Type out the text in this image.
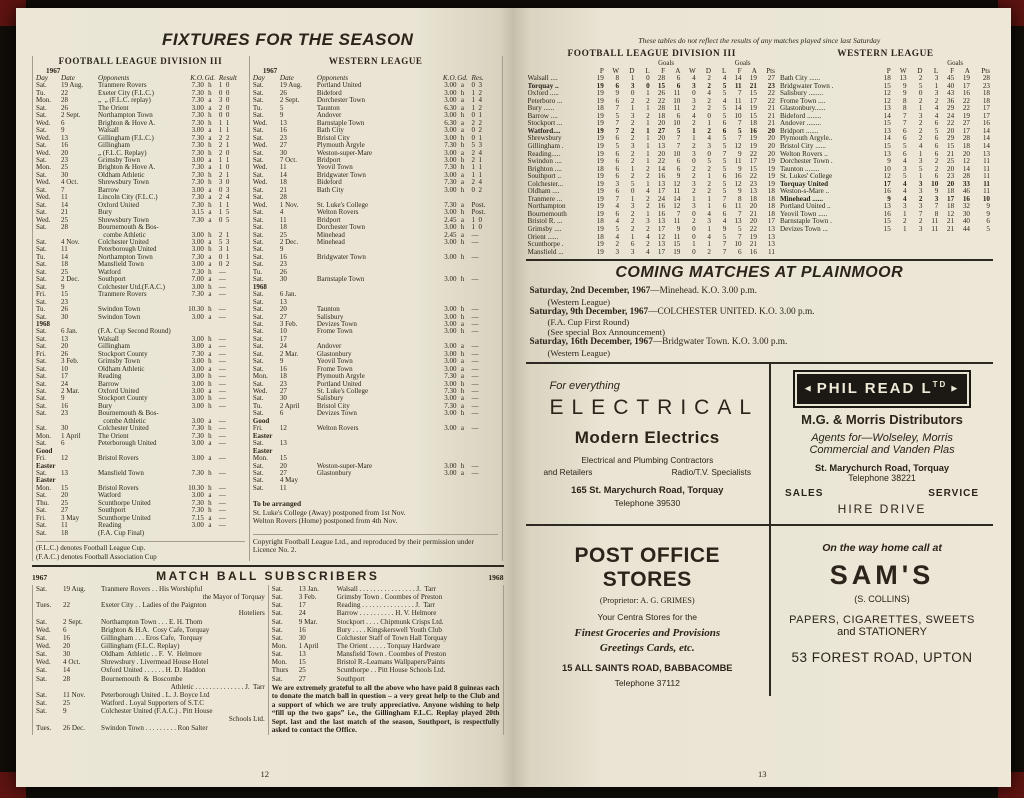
FIXTURES FOR THE SEASON
FOOTBALL LEAGUE DIVISION III
1967
Day	Date	Opponents	K.O. Gd. Result
Sat.	19 Aug.	Tranmere Rovers	7.30 h	1  0
Tu.	22	Exeter City (F.L.C.)	7.30 h	0  0
Mon.	28	„  „ (F.L.C. replay)	7.30 a	3  0
Sat.	26	The Orient	3.00 a	2  0
Sat.	2 Sept.	Northampton Town	7.30 h	0  0
Wed.	6	Brighton & Hove A.	7.30 h	1  1
Sat.	9	Walsall	3.00 a	1  1
Wed.	13	Gillingham (F.L.C.)	7.30 a	2  2
Sat.	16	Gillingham	7.30 h	2  1
Wed.	20	„ (F.L.C. Replay)	7.30 h	2  0
Sat.	23	Grimsby Town	3.00 a	1  1
Mon.	25	Brighton & Hove A.	7.30 a	1  0
Sat.	30	Oldham Athletic	7.30 h	2  1
Wed.	4 Oct.	Shrewsbury Town	7.30 h	3  0
Sat.	7	Barrow	3.00 a	0  3
Wed.	11	Lincoln City (F.L.C.)	7.30 a	2  4
Sat.	14	Oxford United	7.30 h	1  1
Sat.	21	Bury	3.15 a	1  5
Wed.	25	Shrewsbury Town	7.30 a	0  5
Sat.	28	Bournemouth & Bos-
combe Athletic	3.00 h	2  1
Sat.	4 Nov.	Colchester United	3.00 a	5  3
Sat.	11	Peterborough United	3.00 h	3  1
Tu.	14	Northampton Town	7.30 a	0  1
Sat.	18	Mansfield Town	3.00 a	0  2
Sat.	25	Watford	7.30 h	—
Sat.	2 Dec.	Southport	7.00 a	—
Sat.	9	Colchester Utd.(F.A.C.)	3.00 h	—
Fri.	15	Tranmere Rovers	7.30 a	—
Sat.	23
Tu.	26	Swindon Town	10.30 h	—
Sat.	30	Swindon Town	3.00 a	—
1968
Sat.	6 Jan.	(F.A. Cup Second Round)
Sat.	13	Walsall	3.00 h	—
Sat.	20	Gillingham	3.00 a	—
Fri.	26	Stockport County	7.30 a	—
Sat.	3 Feb.	Grimsby Town	3.00 h	—
Sat.	10	Oldham Athletic	3.00 a	—
Sat.	17	Reading	3.00 h	—
Sat.	24	Barrow	3.00 h	—
Sat.	2 Mar.	Oxford United	3.00 a	—
Sat.	9	Stockport County	3.00 h	—
Sat.	16	Bury	3.00 h	—
Sat.	23	Bournemouth & Bos-
combe Athletic	3.00 a	—
Sat.	30	Colchester United	7.30 h	—
Mon.	1 April	The Orient	7.30 h	—
Sat.	6	Peterborough United	3.00 a	—
Good
Fri.	12	Bristol Rovers	3.00 a	—
Easter
Sat.	13	Mansfield Town	7.30 h	—
Easter
Mon.	15	Bristol Rovers	10.30 h	—
Sat.	20	Watford	3.00 a	—
Thu.	25	Scunthorpe United	7.30 h	—
Sat.	27	Southport	7.30 h	—
Fri.	3 May	Scunthorpe United	7.15 a	—
Sat.	11	Reading	3.00 a	—
Sat.	18	(F.A. Cup Final)
(F.L.C.) denotes Football League Cup.
(F.A.C.) denotes Football Association Cup
WESTERN LEAGUE
1967
Day	Date	Opponents	K.O. Gd. Res.
Sat.	19 Aug.	Portland United	3.00 a	0  3
Sat.	26	Bideford	3.00 h	1  2
Sat.	2 Sept.	Dorchester Town	3.00 a	1  4
Tu.	5	Taunton	6.30 a	1  2
Sat.	9	Andover	3.00 h	0  1
Wed.	13	Barnstaple Town	6.30 a	2  2
Sat.	16	Bath City	3.00 a	0  2
Sat.	23	Bristol City	3.00 h	0  1
Wed.	27	Plymouth Argyle	7.30 h	5  3
Sat.	30	Weston-super-Mare	3.00 a	2  4
Sat.	7 Oct.	Bridport	3.00 h	2  1
Wed.	11	Yeovil Town	7.30 h	1  1
Sat.	14	Bridgwater Town	3.00 a	1  1
Wed.	18	Bideford	7.30 a	2  4
Sat.	21	Bath City	3.00 h	0  2
Sat.	28
Wed.	1 Nov.	St. Luke's College	7.30 a	Post.
Sat.	4	Welton Rovers	3.00 h	Post.
Sat.	11	Bridport	2.45 a	1  0
Sat.	18	Dorchester Town	3.00 h	1  0
Sat.	25	Minehead	2.45 a	—
Sat.	2 Dec.	Minehead	3.00 h	—
Sat.	9
Sat.	16	Bridgwater Town	3.00 h	—
Sat.	23
Tu.	26
Sat.	30	Barnstaple Town	3.00 h	—
1968
Sat.	6 Jan.
Sat.	13
Sat.	20	Taunton	3.00 h	—
Sat.	27	Salisbury	3.00 h	—
Sat.	3 Feb.	Devizes Town	3.00 a	—
Sat.	10	Frome Town	3.00 h	—
Sat.	17
Sat.	24	Andover	3.00 a	—
Sat.	2 Mar.	Glastonbury	3.00 h	—
Sat.	9	Yeovil Town	3.00 a	—
Sat.	16	Frome Town	3.00 a	—
Mon.	18	Plymouth Argyle	7.30 a	—
Sat.	23	Portland United	3.00 h	—
Wed.	27	St. Luke's College	7.30 h	—
Sat.	30	Salisbury	3.00 a	—
Tu.	2 April	Bristol City	7.30 a	—
Sat.	6	Devizes Town	3.00 h	—
Good
Fri.	12	Welton Rovers	3.00 a	—
Easter
Sat.	13
Easter
Mon.	15
Sat.	20	Weston-super-Mare	3.00 h	—
Sat.	27	Glastonbury	3.00 a	—
Sat.	4 May
Sat.	11
To be arranged
St. Luke's College (Away) postponed from 1st Nov.
Welton Rovers (Home) postponed from 4th Nov.
Copyright Football League Ltd., and reproduced by their permission under Licence No. 2.
1967	MATCH BALL SUBSCRIBERS	1968
Sat.	19 Aug.	Tranmere Rovers . . His Worshipful
the Mayor of Torquay
Tues.	22	Exeter City . . Ladies of the Paignton
Hoteliers
Sat.	2 Sept.	Northampton Town . . . E. H. Thom
Wed.	6	Brighton & H.A.  Cosy Cafe, Torquay
Sat.	16	Gillingham . . . Eros Cafe,  Torquay
Wed.	20	Gillingham (F.L.C. Replay)
Sat.	30	Oldham  Athletic . . F.  V.  Helmore
Wed.	4 Oct.	Shrewsbury . Livermead House Hotel
Sat.	14	Oxford United . . . . . . H. D. Haddon
Sat.	28	Bournemouth  &  Boscombe
Athletic . . . . . . . . . . . . . . J.  Tarr
Sat.	11 Nov.	Peterborough United . L. J. Boyce Ltd
Sat.	25	Watford . Loyal Supporters of S.T.C
Sat.	9	Colchester United (F.A.C.) . Pitt House
Schools Ltd.
Tues.	26 Dec.	Swindon Town . . . . . . . . . Ron Salter
Sat.	13 Jan.	Walsall . . . . . . . . . . . . . . . . J.  Tarr
Sat.	3 Feb.	Grimsby Town . Coombes of Preston
Sat.	17	Reading . . . . . . . . . . . . . . . J.  Tarr
Sat.	24	Barrow . . . . . . . . . . H. V. Helmore
Sat.	9 Mar.	Stockport . . . . Chipmunk Crisps Ltd.
Sat.	16	Bury . . . . Kingskerswell Youth Club
Sat.	30	Colchester Staff of Town Hall Torquay
Mon.	1 April	The Orient . . . . . Torquay Hardware
Sat.	13	Mansfield Town . Coombes of Preston
Mon.	15	Bristol R.-Leamans Wallpapers/Paints
Thurs	25	Scunthorpe . . Pitt House Schools Ltd.
Sat.	27	Southport
We are extremely grateful to all the above who have paid 8 guineas each to donate the match ball in question – a very great help to the Club and a support of which we are truly appreciative. Anyone wishing to help “fill up the two gaps” i.e., the Gillingham F.L.C. Replay played 20th Sept. last and the last match of the season, Southport, is respectfully asked to contact the Office.
12
These tables do not reflect the results of any matches played since last Saturday
FOOTBALL LEAGUE DIVISION III
Goals	Goals
P	W	D	L	F	A	W	D	L	F	A	Pts
Walsall ....	19	8	1	0	28	6	4	2	4	14	19	27
Torquay ..	19	6	3	0	15	6	3	2	5	11	21	23
Oxford .....	19	9	0	1	26	11	0	4	5	7	15	22
Peterboro ...	19	6	2	2	22	10	3	2	4	11	17	22
Bury ......	18	7	1	1	28	11	2	2	5	14	19	21
Barrow ....	19	5	3	2	18	6	4	0	5	10	15	21
Stockport ...	19	7	2	1	20	10	2	1	6	7	18	21
Watford....	19	7	2	1	27	5	1	2	6	5	16	20
Shrewsbury	19	6	2	1	20	7	1	4	5	7	19	20
Gillingham .	19	5	3	1	13	7	2	3	5	12	19	20
Reading.....	19	6	2	1	20	10	3	0	7	9	22	20
Swindon ....	19	6	2	1	22	6	0	5	5	11	17	19
Brighton ....	18	6	1	2	14	6	2	2	5	9	15	19
Southport ..	19	6	2	2	16	9	2	1	6	16	22	19
Colchester...	19	3	5	1	13	12	3	2	5	12	23	19
Oldham ....	19	6	0	4	17	11	2	2	5	9	13	18
Tranmere ...	19	7	1	2	24	14	1	1	7	8	18	18
Northampton	19	4	3	2	16	12	3	1	6	11	20	18
Bournemouth	19	6	2	1	16	7	0	4	6	7	21	18
Bristol R. ...	18	4	2	3	13	11	2	3	4	13	20	17
Grimsby ....	19	5	2	2	17	9	0	1	9	5	22	13
Orient ......	18	4	1	4	12	11	0	4	5	7	19	13
Scunthorpe .	19	2	6	2	13	15	1	1	7	10	21	13
Mansfield ...	19	3	3	4	17	19	0	2	7	6	16	11
WESTERN LEAGUE
Goals
P	W	D	L	F	A	Pts
Bath City ......	18	13	2	3	45	19	28
Bridgwater Town .	15	9	5	1	40	17	23
Salisbury ........	12	9	0	3	43	16	18
Frome Town ....	12	8	2	2	36	22	18
Glastonbury......	13	8	1	4	29	22	17
Bideford ........	14	7	3	4	24	19	17
Andover ........	15	7	2	6	22	27	16
Bridport .......	13	6	2	5	20	17	14
Plymouth Argyle..	14	6	2	6	29	28	14
Bristol City ......	15	5	4	6	15	18	14
Welton Rovers ..	13	6	1	6	21	20	13
Dorchester Town .	9	4	3	2	25	12	11
Taunton ........	10	3	5	2	20	14	11
St. Lukes' College	12	5	1	6	23	28	11
Torquay United	17	4	3	10	20	33	11
Weston-s-Mare ..	16	4	3	9	18	46	11
Minehead ......	9	4	2	3	17	16	10
Portland United ..	13	3	3	7	18	32	9
Yeovil Town .....	16	1	7	8	12	30	9
Barnstaple Town .	15	2	2	11	21	40	6
Devizes Town ...	15	1	3	11	21	44	5
COMING MATCHES AT PLAINMOOR
Saturday, 2nd December, 1967—Minehead. K.O. 3.00 p.m.
(Western League)
Saturday, 9th December, 1967—COLCHESTER UNITED. K.O. 3.00 p.m.
(F.A. Cup First Round)
(See special Box Announcement)
Saturday, 16th December, 1967—Bridgwater Town. K.O. 3.00 p.m.
(Western League)
For everything
ELECTRICAL
Modern Electrics
Electrical and Plumbing Contractors
and Retailers	Radio/T.V. Specialists
165 St. Marychurch Road, Torquay
Telephone 39530
◄ PHIL READ $L^{TD}$ ►
M.G. & Morris Distributors
Agents for—Wolseley, Morris Commercial and Vanden Plas
St. Marychurch Road, Torquay
Telephone 38221
SALES	SERVICE
HIRE DRIVE
POST OFFICE STORES
(Proprietor: A. G. GRIMES)
Your Centra Stores for the
Finest Groceries and Provisions
Greetings Cards, etc.
15 ALL SAINTS ROAD, BABBACOMBE
Telephone 37112
On the way home call at
SAM'S
(S. COLLINS)
PAPERS, CIGARETTES, SWEETS
and STATIONERY
53 FOREST ROAD, UPTON
13
